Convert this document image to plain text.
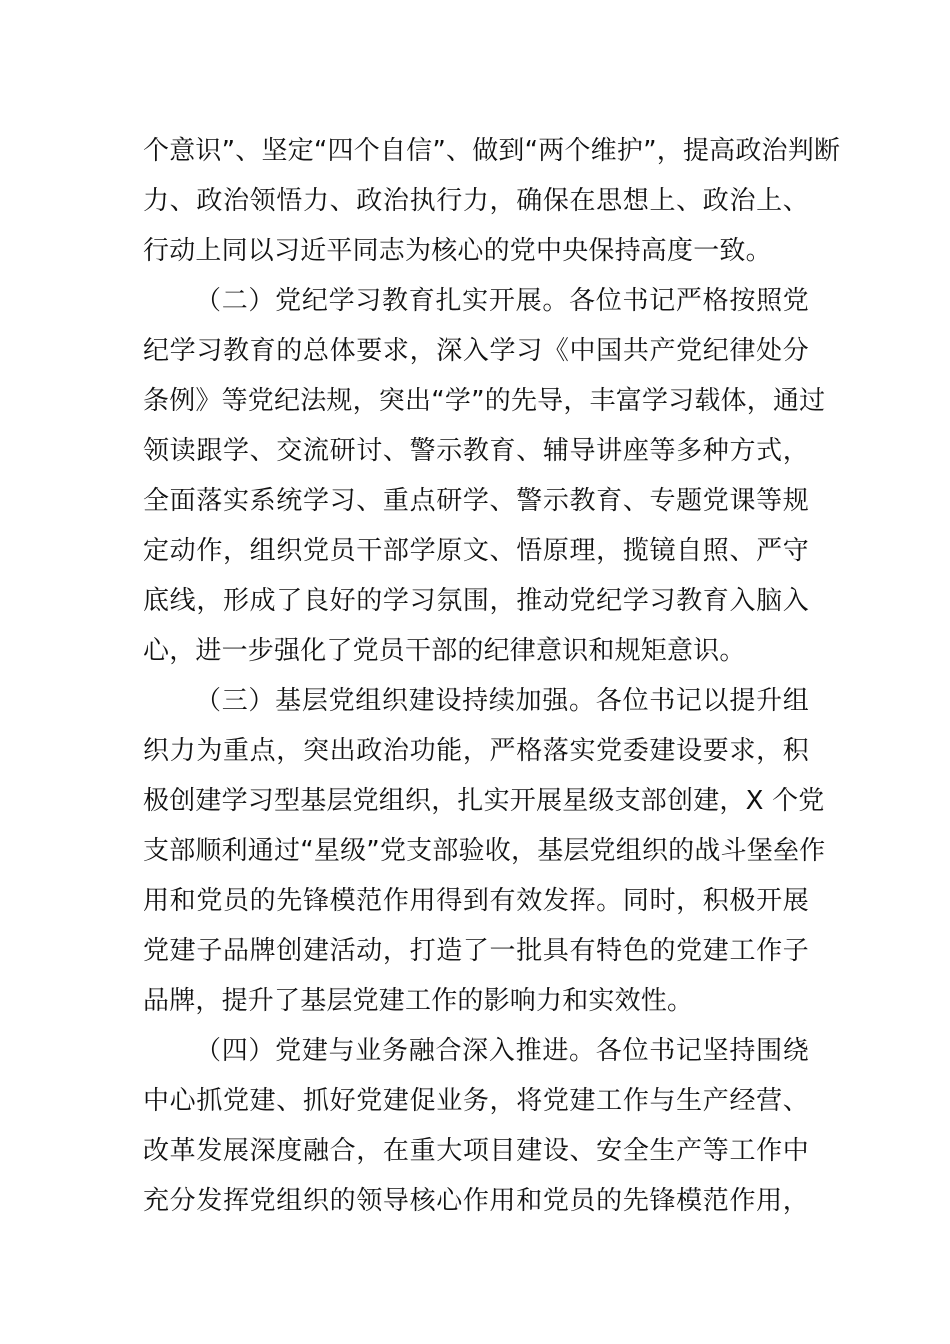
个意识”、坚定“四个自信”、做到“两个维护”，提高政治判断
力、政治领悟力、政治执行力，确保在思想上、政治上、
行动上同以习近平同志为核心的党中央保持高度一致。
（二）党纪学习教育扎实开展。各位书记严格按照党
纪学习教育的总体要求，深入学习《中国共产党纪律处分
条例》等党纪法规，突出“学”的先导，丰富学习载体，通过
领读跟学、交流研讨、警示教育、辅导讲座等多种方式，
全面落实系统学习、重点研学、警示教育、专题党课等规
定动作，组织党员干部学原文、悟原理，揽镜自照、严守
底线，形成了良好的学习氛围，推动党纪学习教育入脑入
心，进一步强化了党员干部的纪律意识和规矩意识。
（三）基层党组织建设持续加强。各位书记以提升组
织力为重点，突出政治功能，严格落实党委建设要求，积
极创建学习型基层党组织，扎实开展星级支部创建，X 个党
支部顺利通过“星级”党支部验收，基层党组织的战斗堡垒作
用和党员的先锋模范作用得到有效发挥。同时，积极开展
党建子品牌创建活动，打造了一批具有特色的党建工作子
品牌，提升了基层党建工作的影响力和实效性。
（四）党建与业务融合深入推进。各位书记坚持围绕
中心抓党建、抓好党建促业务，将党建工作与生产经营、
改革发展深度融合，在重大项目建设、安全生产等工作中
充分发挥党组织的领导核心作用和党员的先锋模范作用，
